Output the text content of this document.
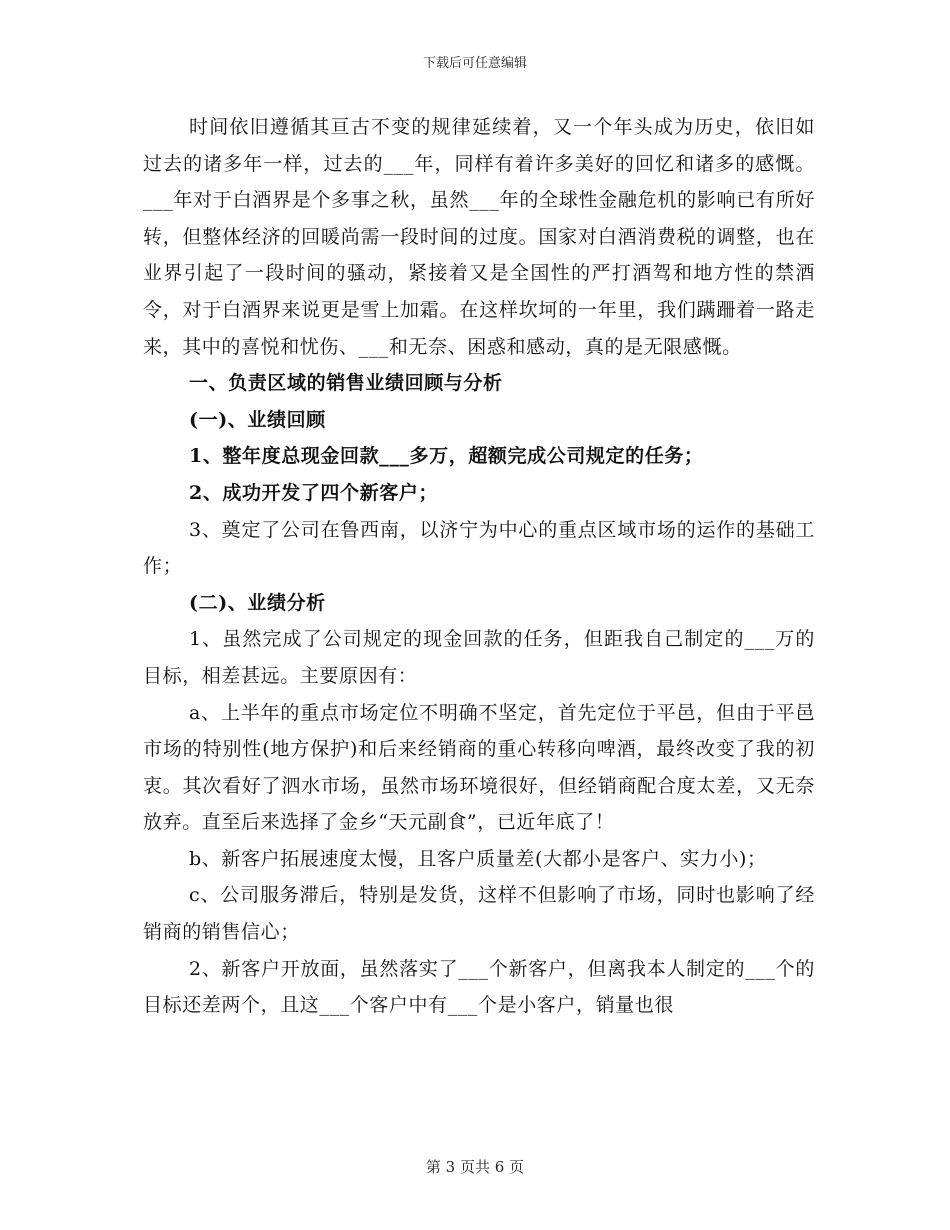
下载后可任意编辑

时间依旧遵循其亘古不变的规律延续着，又一个年头成为历史，依旧如过去的诸多年一样，过去的___年，同样有着许多美好的回忆和诸多的感慨。___年对于白酒界是个多事之秋，虽然___年的全球性金融危机的影响已有所好转，但整体经济的回暖尚需一段时间的过度。国家对白酒消费税的调整，也在业界引起了一段时间的骚动，紧接着又是全国性的严打酒驾和地方性的禁酒令，对于白酒界来说更是雪上加霜。在这样坎坷的一年里，我们蹒跚着一路走来，其中的喜悦和忧伤、___和无奈、困惑和感动，真的是无限感慨。

一、负责区域的销售业绩回顾与分析

(一)、业绩回顾

1、整年度总现金回款___多万，超额完成公司规定的任务；

2、成功开发了四个新客户；

3、奠定了公司在鲁西南，以济宁为中心的重点区域市场的运作的基础工作；

(二)、业绩分析

1、虽然完成了公司规定的现金回款的任务，但距我自己制定的___万的目标，相差甚远。主要原因有：

a、上半年的重点市场定位不明确不坚定，首先定位于平邑，但由于平邑市场的特别性(地方保护)和后来经销商的重心转移向啤酒，最终改变了我的初衷。其次看好了泗水市场，虽然市场环境很好，但经销商配合度太差，又无奈放弃。直至后来选择了金乡“天元副食”，已近年底了！

b、新客户拓展速度太慢，且客户质量差(大都小是客户、实力小)；

c、公司服务滞后，特别是发货，这样不但影响了市场，同时也影响了经销商的销售信心；

2、新客户开放面，虽然落实了___个新客户，但离我本人制定的___个的目标还差两个，且这___个客户中有___个是小客户，销量也很

第 3 页共 6 页
